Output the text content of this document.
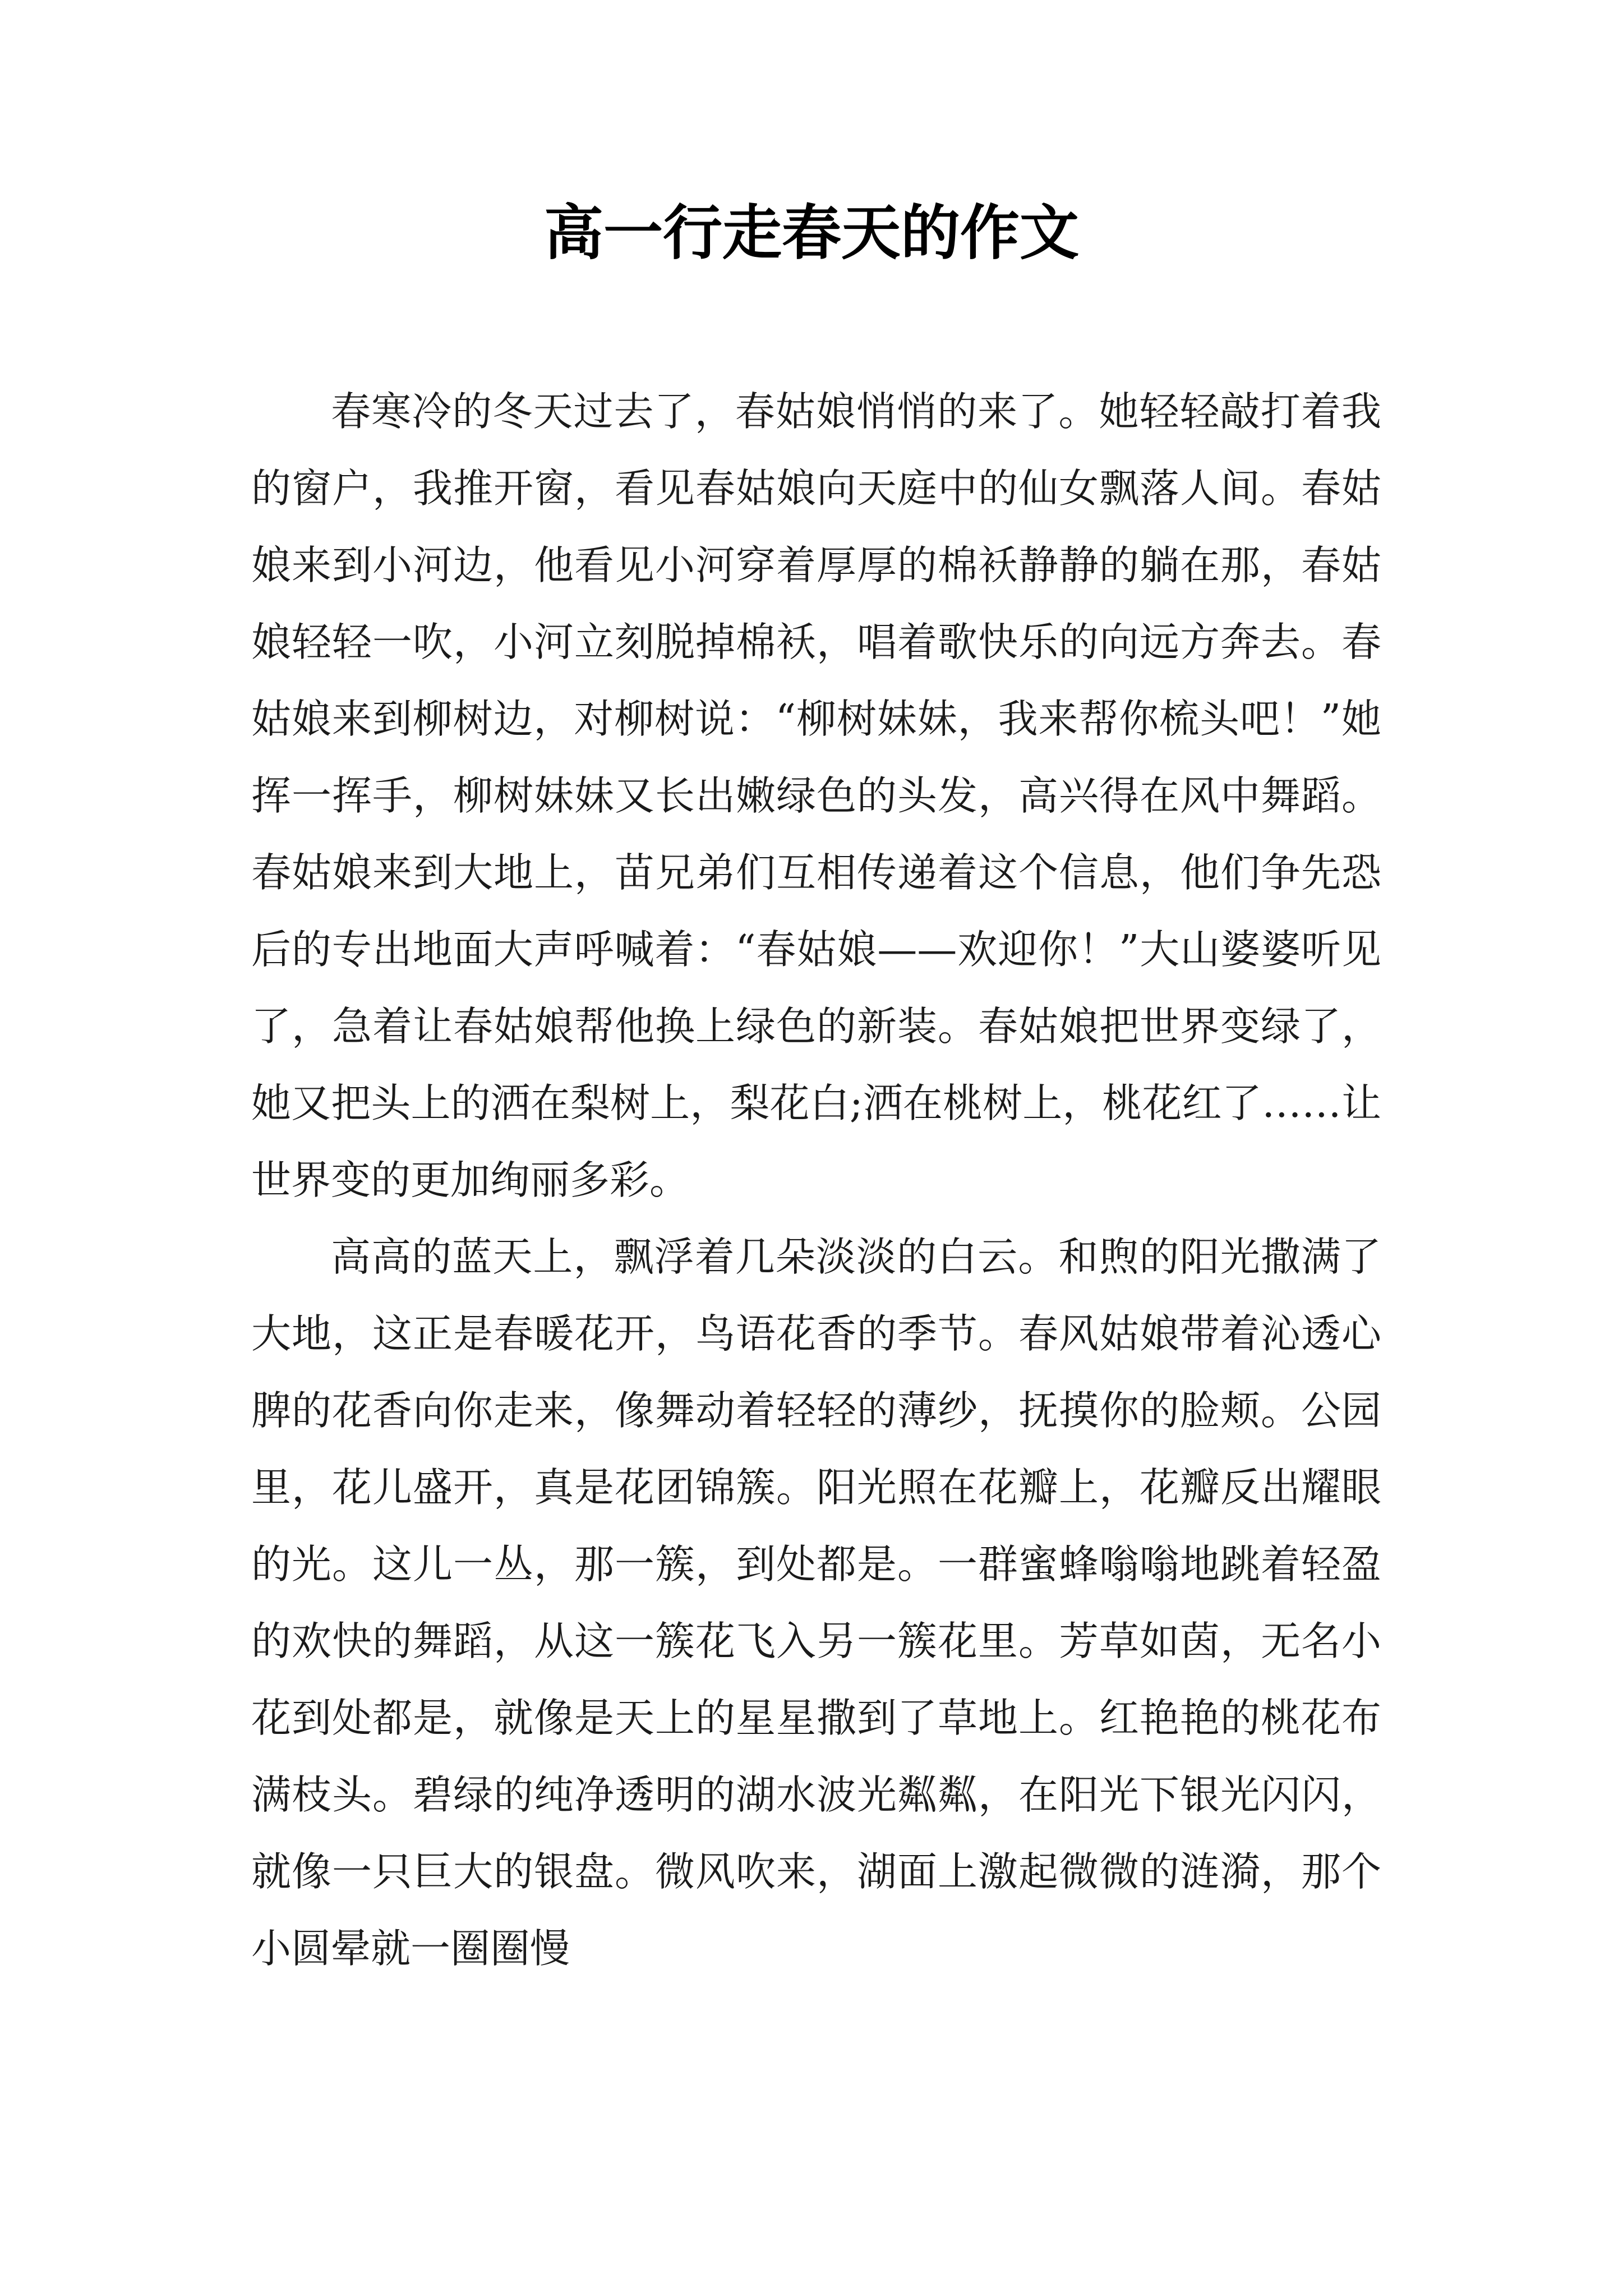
高一行走春天的作文

春寒冷的冬天过去了，春姑娘悄悄的来了。她轻轻敲打着我的窗户，我推开窗，看见春姑娘向天庭中的仙女飘落人间。春姑娘来到小河边，他看见小河穿着厚厚的棉袄静静的躺在那，春姑娘轻轻一吹，小河立刻脱掉棉袄，唱着歌快乐的向远方奔去。春姑娘来到柳树边，对柳树说：“柳树妹妹，我来帮你梳头吧！”她挥一挥手，柳树妹妹又长出嫩绿色的头发，高兴得在风中舞蹈。春姑娘来到大地上，苗兄弟们互相传递着这个信息，他们争先恐后的专出地面大声呼喊着：“春姑娘——欢迎你！”大山婆婆听见了，急着让春姑娘帮他换上绿色的新装。春姑娘把世界变绿了，她又把头上的洒在梨树上，梨花白;洒在桃树上，桃花红了……让世界变的更加绚丽多彩。

高高的蓝天上，飘浮着几朵淡淡的白云。和煦的阳光撒满了大地，这正是春暖花开，鸟语花香的季节。春风姑娘带着沁透心脾的花香向你走来，像舞动着轻轻的薄纱，抚摸你的脸颊。公园里，花儿盛开，真是花团锦簇。阳光照在花瓣上，花瓣反出耀眼的光。这儿一丛，那一簇，到处都是。一群蜜蜂嗡嗡地跳着轻盈的欢快的舞蹈，从这一簇花飞入另一簇花里。芳草如茵，无名小花到处都是，就像是天上的星星撒到了草地上。红艳艳的桃花布满枝头。碧绿的纯净透明的湖水波光粼粼，在阳光下银光闪闪，就像一只巨大的银盘。微风吹来，湖面上激起微微的涟漪，那个小圆晕就一圈圈慢
